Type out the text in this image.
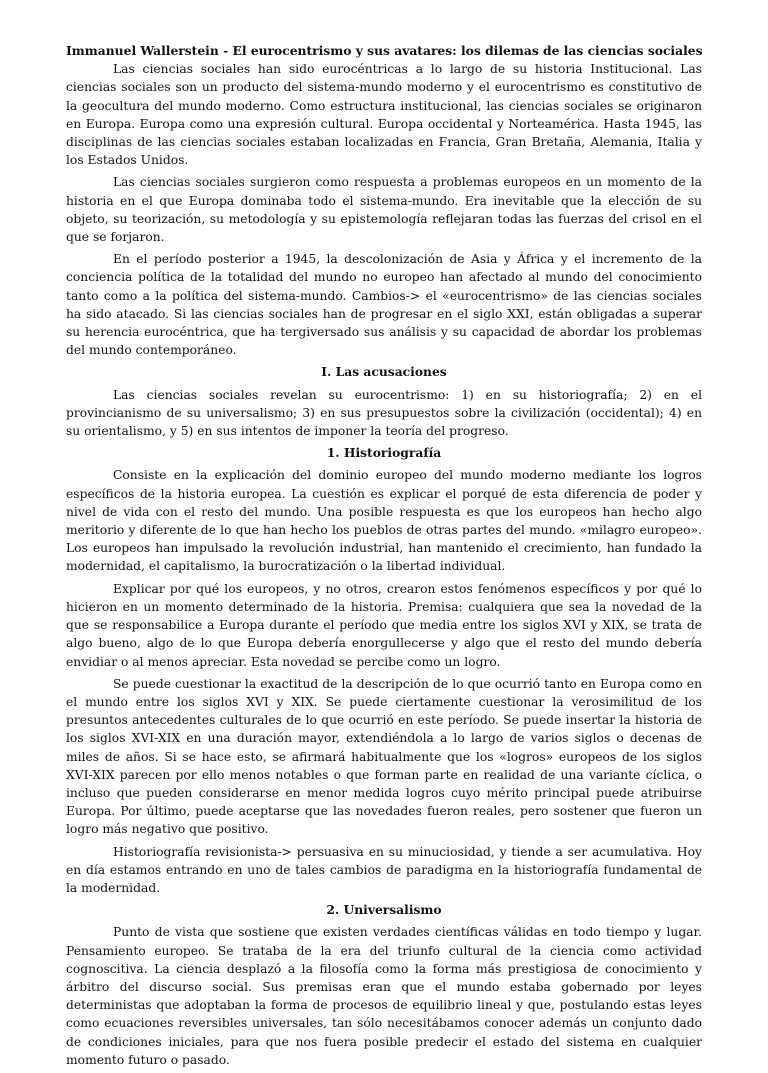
Immanuel Wallerstein - El eurocentrismo y sus avatares: los dilemas de las ciencias sociales

Las ciencias sociales han sido eurocéntricas a lo largo de su historia Institucional. Las ciencias sociales son un producto del sistema-mundo moderno y el eurocentrismo es constitutivo de la geocultura del mundo moderno. Como estructura institucional, las ciencias sociales se originaron en Europa. Europa como una expresión cultural. Europa occidental y Norteamérica. Hasta 1945, las disciplinas de las ciencias sociales estaban localizadas en Francia, Gran Bretaña, Alemania, Italia y los Estados Unidos.

Las ciencias sociales surgieron como respuesta a problemas europeos en un momento de la historia en el que Europa dominaba todo el sistema-mundo. Era inevitable que la elección de su objeto, su teorización, su metodología y su epistemología reflejaran todas las fuerzas del crisol en el que se forjaron.

En el período posterior a 1945, la descolonización de Asia y África y el incremento de la conciencia política de la totalidad del mundo no europeo han afectado al mundo del conocimiento tanto como a la política del sistema-mundo. Cambios-> el «eurocentrismo» de las ciencias sociales ha sido atacado. Si las ciencias sociales han de progresar en el siglo XXI, están obligadas a superar su herencia eurocéntrica, que ha tergiversado sus análisis y su capacidad de abordar los problemas del mundo contemporáneo.

I. Las acusaciones

Las ciencias sociales revelan su eurocentrismo: 1) en su historiografía; 2) en el provincianismo de su universalismo; 3) en sus presupuestos sobre la civilización (occidental); 4) en su orientalismo, y 5) en sus intentos de imponer la teoría del progreso.

1. Historiografía

Consiste en la explicación del dominio europeo del mundo moderno mediante los logros específicos de la historia europea. La cuestión es explicar el porqué de esta diferencia de poder y nivel de vida con el resto del mundo. Una posible respuesta es que los europeos han hecho algo meritorio y diferente de lo que han hecho los pueblos de otras partes del mundo. «milagro europeo». Los europeos han impulsado la revolución industrial, han mantenido el crecimiento, han fundado la modernidad, el capitalismo, la burocratización o la libertad individual.

Explicar por qué los europeos, y no otros, crearon estos fenómenos específicos y por qué lo hicieron en un momento determinado de la historia. Premisa: cualquiera que sea la novedad de la que se responsabilice a Europa durante el período que media entre los siglos XVI y XIX, se trata de algo bueno, algo de lo que Europa debería enorgullecerse y algo que el resto del mundo debería envidiar o al menos apreciar. Esta novedad se percibe como un logro.

Se puede cuestionar la exactitud de la descripción de lo que ocurrió tanto en Europa como en el mundo entre los siglos XVI y XIX. Se puede ciertamente cuestionar la verosimilitud de los presuntos antecedentes culturales de lo que ocurrió en este período. Se puede insertar la historia de los siglos XVI-XIX en una duración mayor, extendiéndola a lo largo de varios siglos o decenas de miles de años. Si se hace esto, se afirmará habitualmente que los «logros» europeos de los siglos XVI-XIX parecen por ello menos notables o que forman parte en realidad de una variante cíclica, o incluso que pueden considerarse en menor medida logros cuyo mérito principal puede atribuirse Europa. Por último, puede aceptarse que las novedades fueron reales, pero sostener que fueron un logro más negativo que positivo.

Historiografía revisionista-> persuasiva en su minuciosidad, y tiende a ser acumulativa. Hoy en día estamos entrando en uno de tales cambios de paradigma en la historiografía fundamental de la modernidad.

2. Universalismo

Punto de vista que sostiene que existen verdades científicas válidas en todo tiempo y lugar. Pensamiento europeo. Se trataba de la era del triunfo cultural de la ciencia como actividad cognoscitiva. La ciencia desplazó a la filosofía como la forma más prestigiosa de conocimiento y árbitro del discurso social. Sus premisas eran que el mundo estaba gobernado por leyes deterministas que adoptaban la forma de procesos de equilibrio lineal y que, postulando estas leyes como ecuaciones reversibles universales, tan sólo necesitábamos conocer además un conjunto dado de condiciones iniciales, para que nos fuera posible predecir el estado del sistema en cualquier momento futuro o pasado.
